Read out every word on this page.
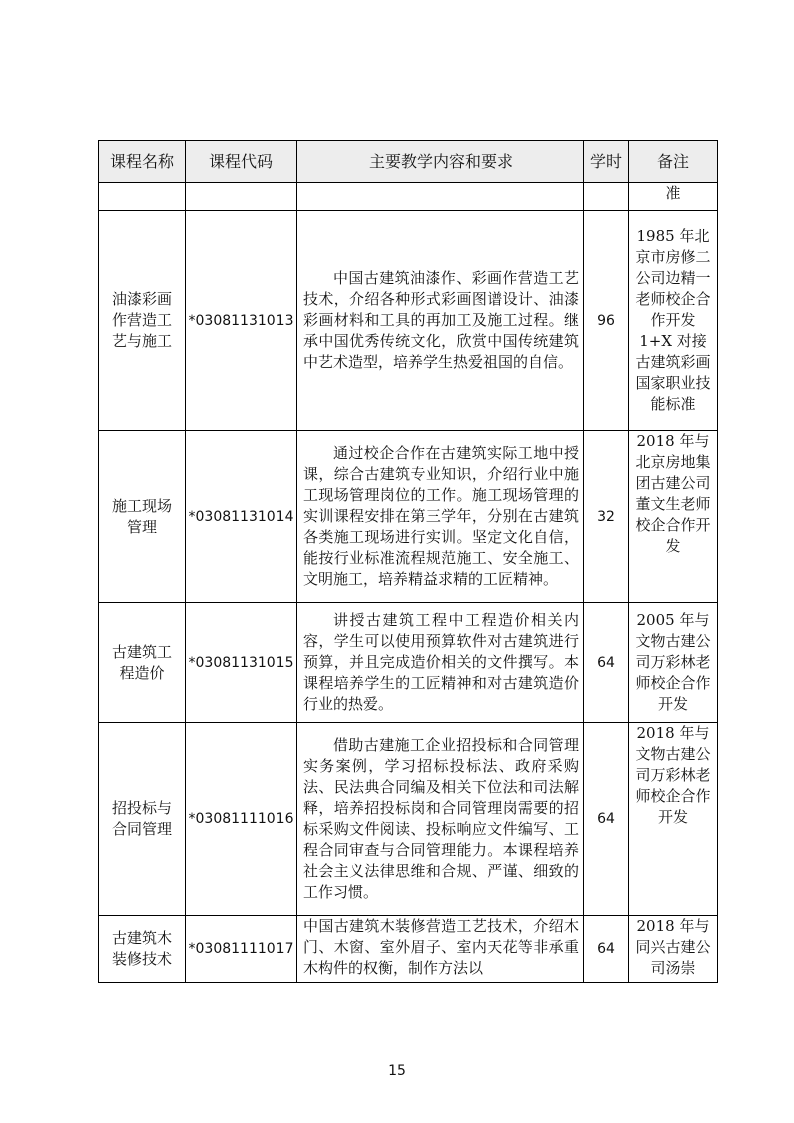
课程名称	课程代码	主要教学内容和要求	学时	备注

				准

油漆彩画作营造工艺与施工	*03081131013	中国古建筑油漆作、彩画作营造工艺技术，介绍各种形式彩画图谱设计、油漆彩画材料和工具的再加工及施工过程。继承中国优秀传统文化，欣赏中国传统建筑中艺术造型，培养学生热爱祖国的自信。	96	1985 年北京市房修二公司边精一老师校企合作开发 1+X 对接古建筑彩画国家职业技能标准

施工现场管理	*03081131014	通过校企合作在古建筑实际工地中授课，综合古建筑专业知识，介绍行业中施工现场管理岗位的工作。施工现场管理的实训课程安排在第三学年，分别在古建筑各类施工现场进行实训。坚定文化自信，能按行业标准流程规范施工、安全施工、文明施工，培养精益求精的工匠精神。	32	2018 年与北京房地集团古建公司董文生老师校企合作开发

古建筑工程造价	*03081131015	讲授古建筑工程中工程造价相关内容，学生可以使用预算软件对古建筑进行预算，并且完成造价相关的文件撰写。本课程培养学生的工匠精神和对古建筑造价行业的热爱。	64	2005 年与文物古建公司万彩林老师校企合作开发

招投标与合同管理	*03081111016	借助古建施工企业招投标和合同管理实务案例，学习招标投标法、政府采购法、民法典合同编及相关下位法和司法解释，培养招投标岗和合同管理岗需要的招标采购文件阅读、投标响应文件编写、工程合同审查与合同管理能力。本课程培养社会主义法律思维和合规、严谨、细致的工作习惯。	64	2018 年与文物古建公司万彩林老师校企合作开发

古建筑木装修技术	*03081111017	中国古建筑木装修营造工艺技术，介绍木门、木窗、室外眉子、室内天花等非承重木构件的权衡，制作方法以	64	2018 年与同兴古建公司汤崇
15
